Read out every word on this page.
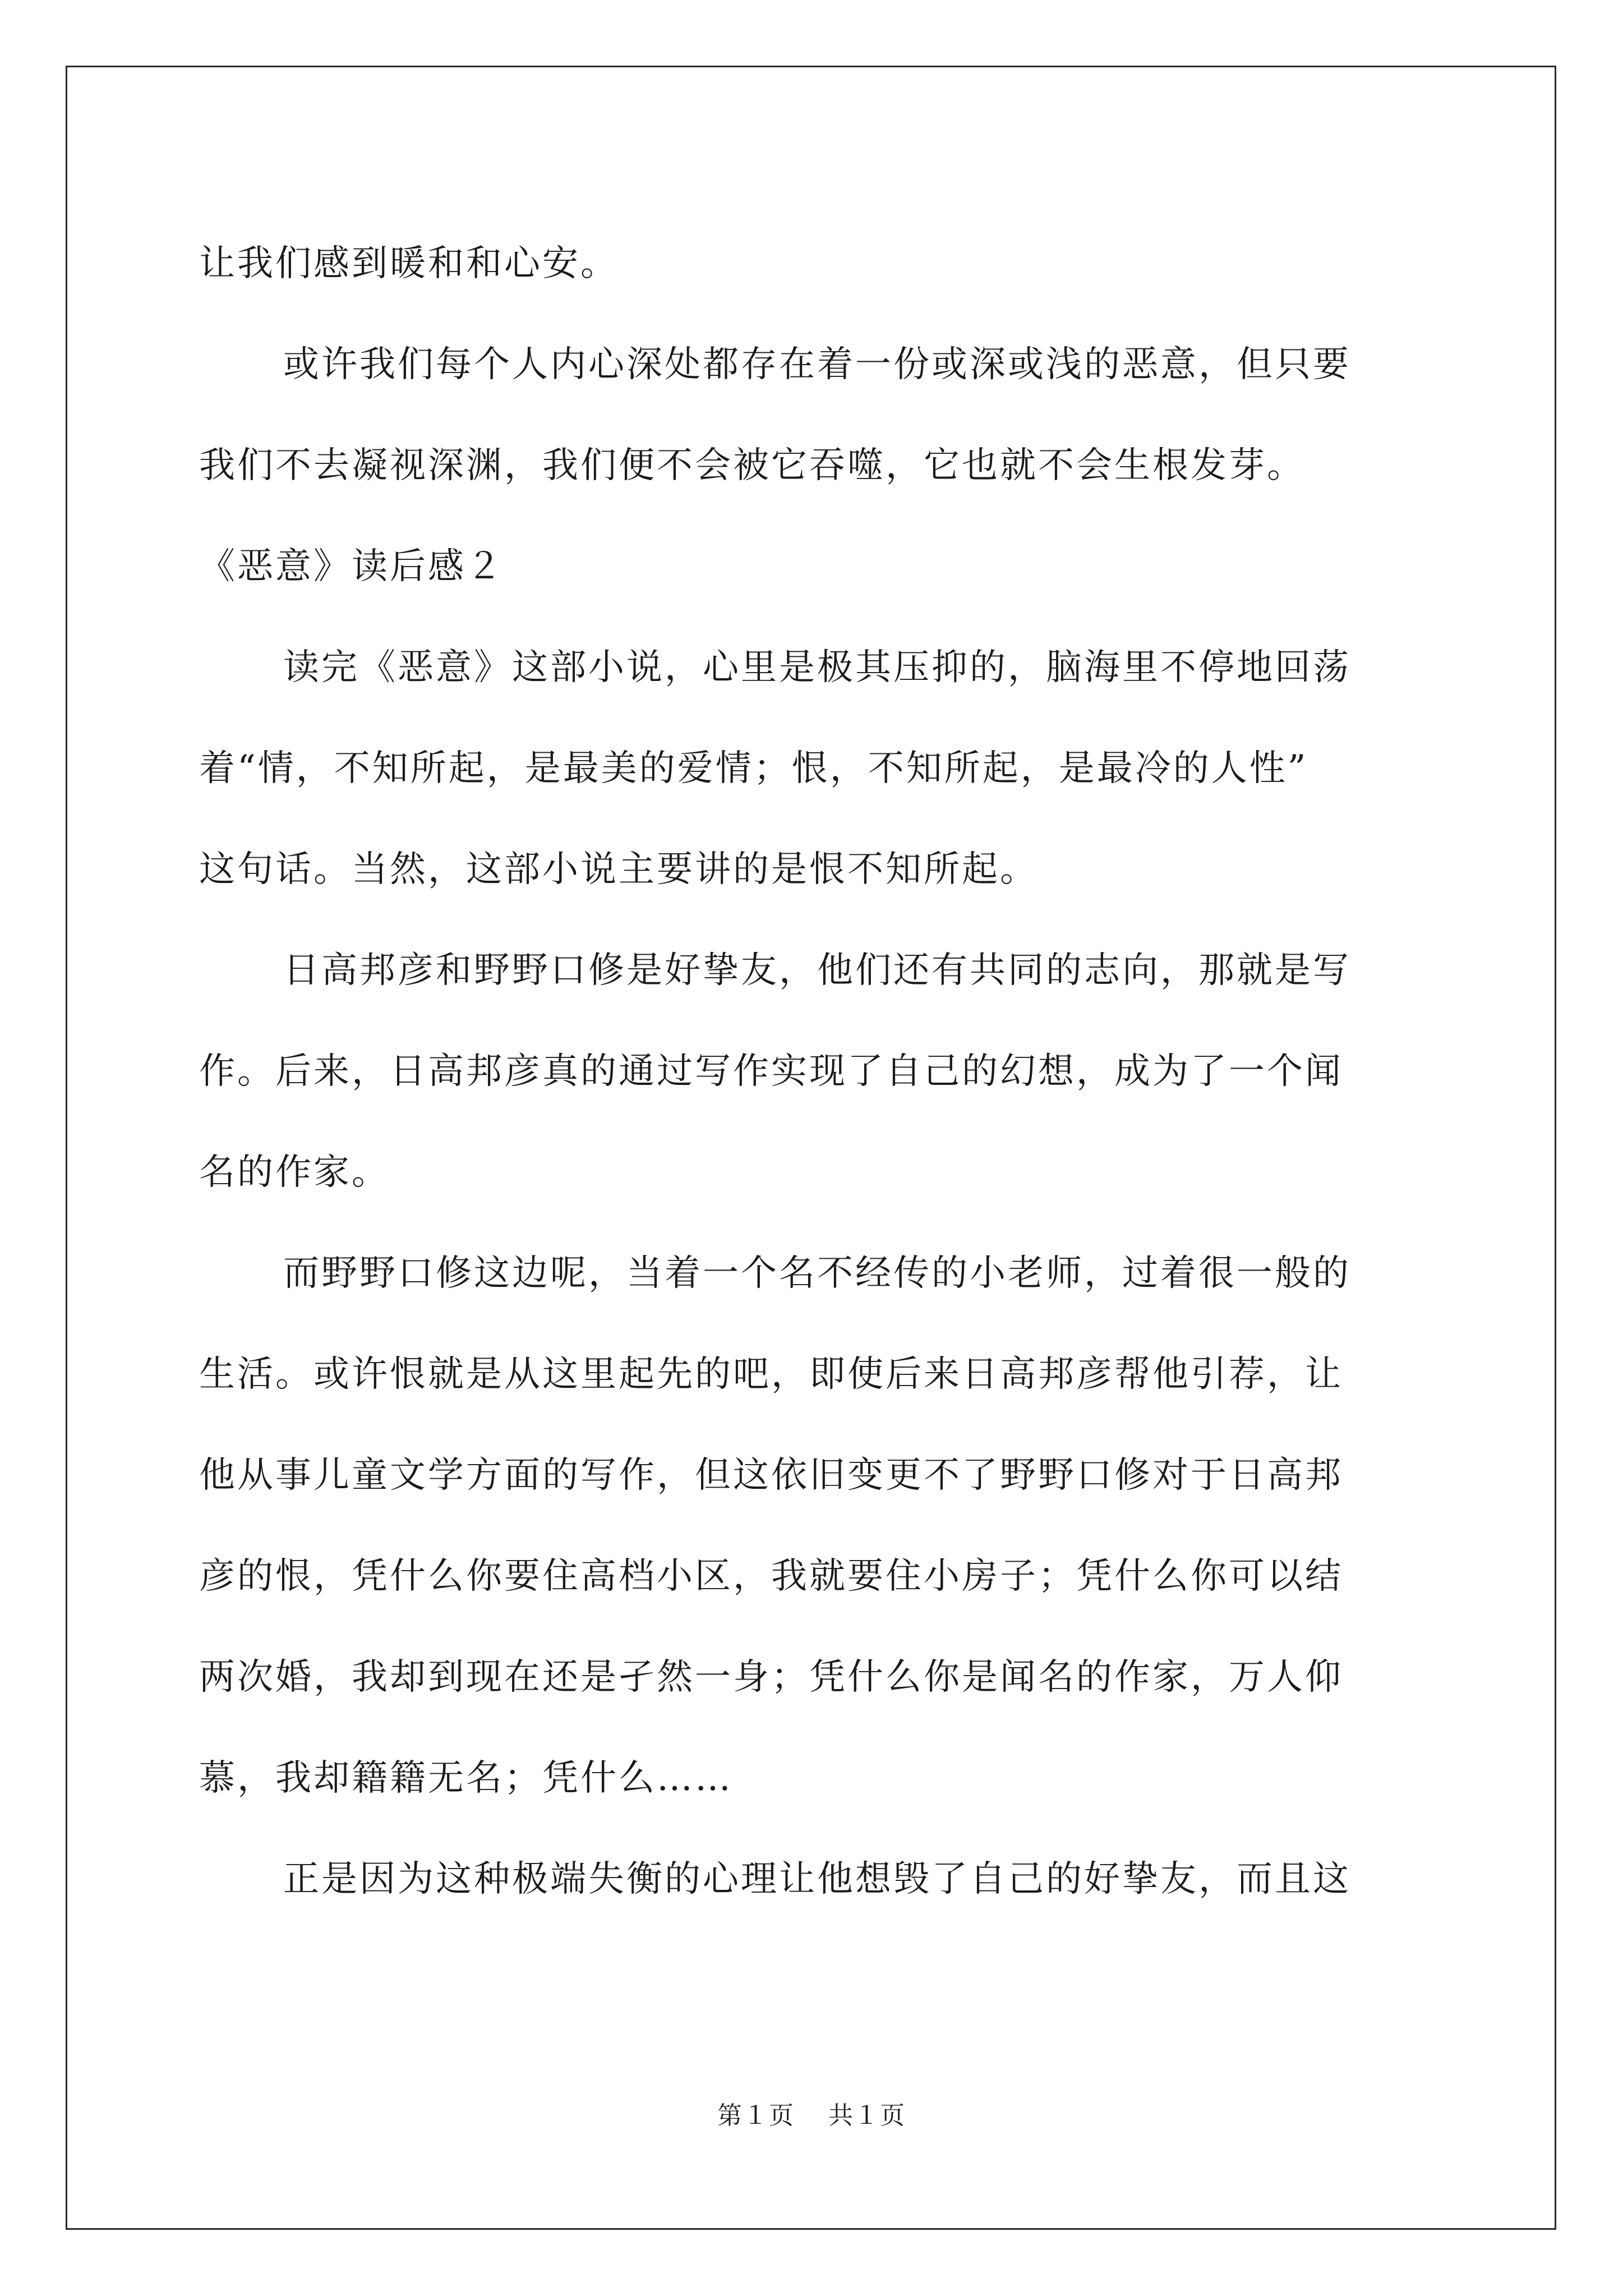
让我们感到暖和和心安。
或许我们每个人内心深处都存在着一份或深或浅的恶意，但只要
我们不去凝视深渊，我们便不会被它吞噬，它也就不会生根发芽。
《恶意》读后感２
读完《恶意》这部小说，心里是极其压抑的，脑海里不停地回荡
着“情，不知所起，是最美的爱情；恨，不知所起，是最冷的人性”
这句话。当然，这部小说主要讲的是恨不知所起。
日高邦彦和野野口修是好挚友，他们还有共同的志向，那就是写
作。后来，日高邦彦真的通过写作实现了自己的幻想，成为了一个闻
名的作家。
而野野口修这边呢，当着一个名不经传的小老师，过着很一般的
生活。或许恨就是从这里起先的吧，即使后来日高邦彦帮他引荐，让
他从事儿童文学方面的写作，但这依旧变更不了野野口修对于日高邦
彦的恨，凭什么你要住高档小区，我就要住小房子；凭什么你可以结
两次婚，我却到现在还是孑然一身；凭什么你是闻名的作家，万人仰
慕，我却籍籍无名；凭什么……
正是因为这种极端失衡的心理让他想毁了自己的好挚友，而且这
第１页 共１页
